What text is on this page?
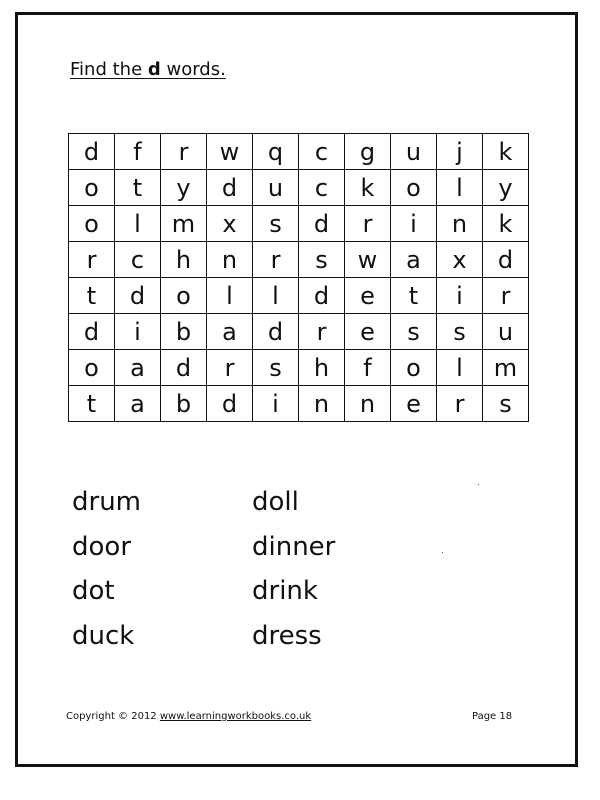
Find the d words.
d	f	r	w	q	c	g	u	j	k
o	t	y	d	u	c	k	o	l	y
o	l	m	x	s	d	r	i	n	k
r	c	h	n	r	s	w	a	x	d
t	d	o	l	l	d	e	t	i	r
d	i	b	a	d	r	e	s	s	u
o	a	d	r	s	h	f	o	l	m
t	a	b	d	i	n	n	e	r	s
drum	doll
door	dinner
dot	drink
duck	dress
Copyright © 2012 www.learningworkbooks.co.uk	Page 18
